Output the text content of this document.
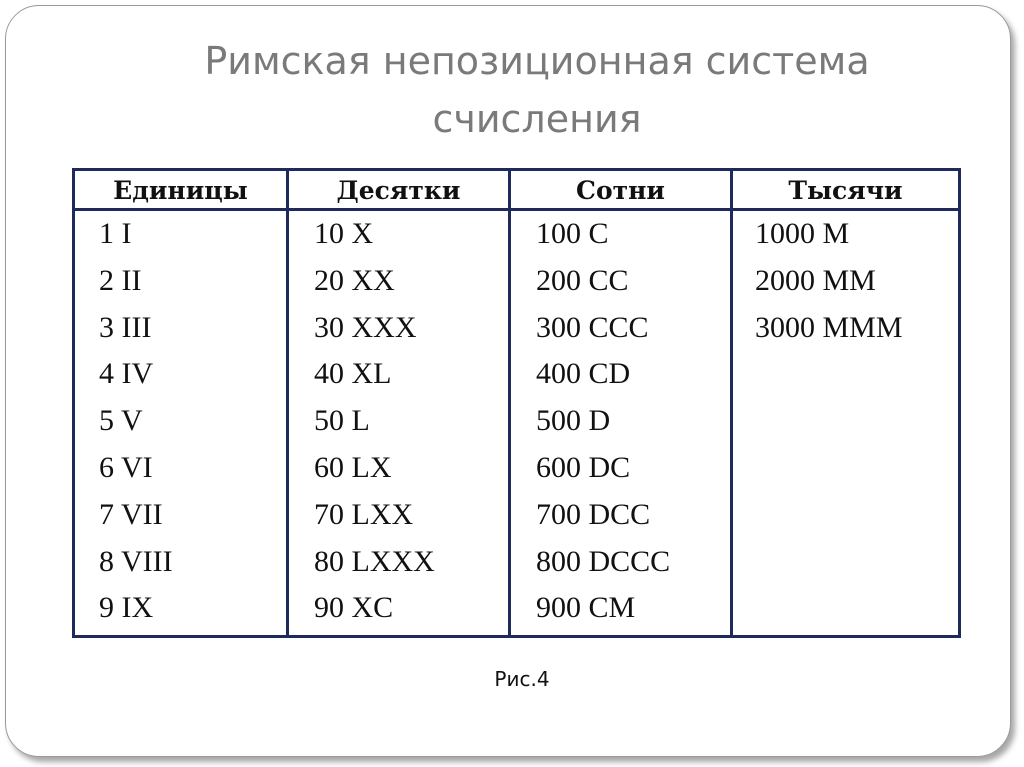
Римская непозиционная система
счисления
Единицы
1 I
2 II
3 III
4 IV
5 V
6 VI
7 VII
8 VIII
9 IX
Десятки
10 X
20 XX
30 XXX
40 XL
50 L
60 LX
70 LXX
80 LXXX
90 XC
Сотни
100 C
200 CC
300 CCC
400 CD
500 D
600 DC
700 DCC
800 DCCC
900 CM
Тысячи
1000 M
2000 MM
3000 MMM
Рис.4
